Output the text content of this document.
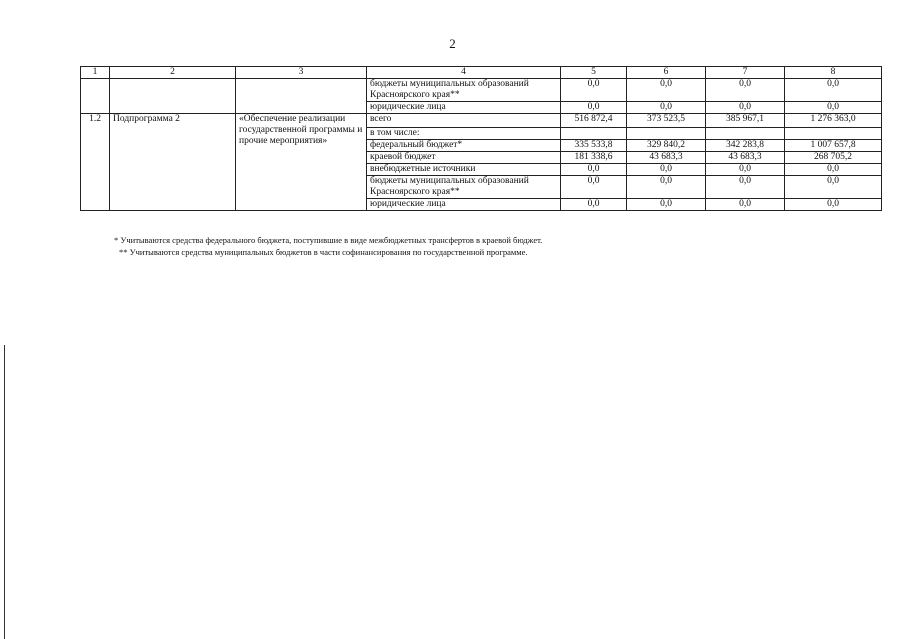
2
1	2	3	4	5	6	7	8
			бюджеты муниципальных образований Красноярского края**	0,0	0,0	0,0	0,0
			юридические лица	0,0	0,0	0,0	0,0
1.2	Подпрограмма 2	«Обеспечение реализации государственной программы и прочие мероприятия»	всего	516 872,4	373 523,5	385 967,1	1 276 363,0
			в том числе:				
			федеральный бюджет*	335 533,8	329 840,2	342 283,8	1 007 657,8
			краевой бюджет	181 338,6	43 683,3	43 683,3	268 705,2
			внебюджетные источники	0,0	0,0	0,0	0,0
			бюджеты муниципальных образований Красноярского края**	0,0	0,0	0,0	0,0
			юридические лица	0,0	0,0	0,0	0,0
* Учитываются средства федерального бюджета, поступившие в виде межбюджетных трансфертов в краевой бюджет.
** Учитываются средства муниципальных бюджетов в части софинансирования по государственной программе.
